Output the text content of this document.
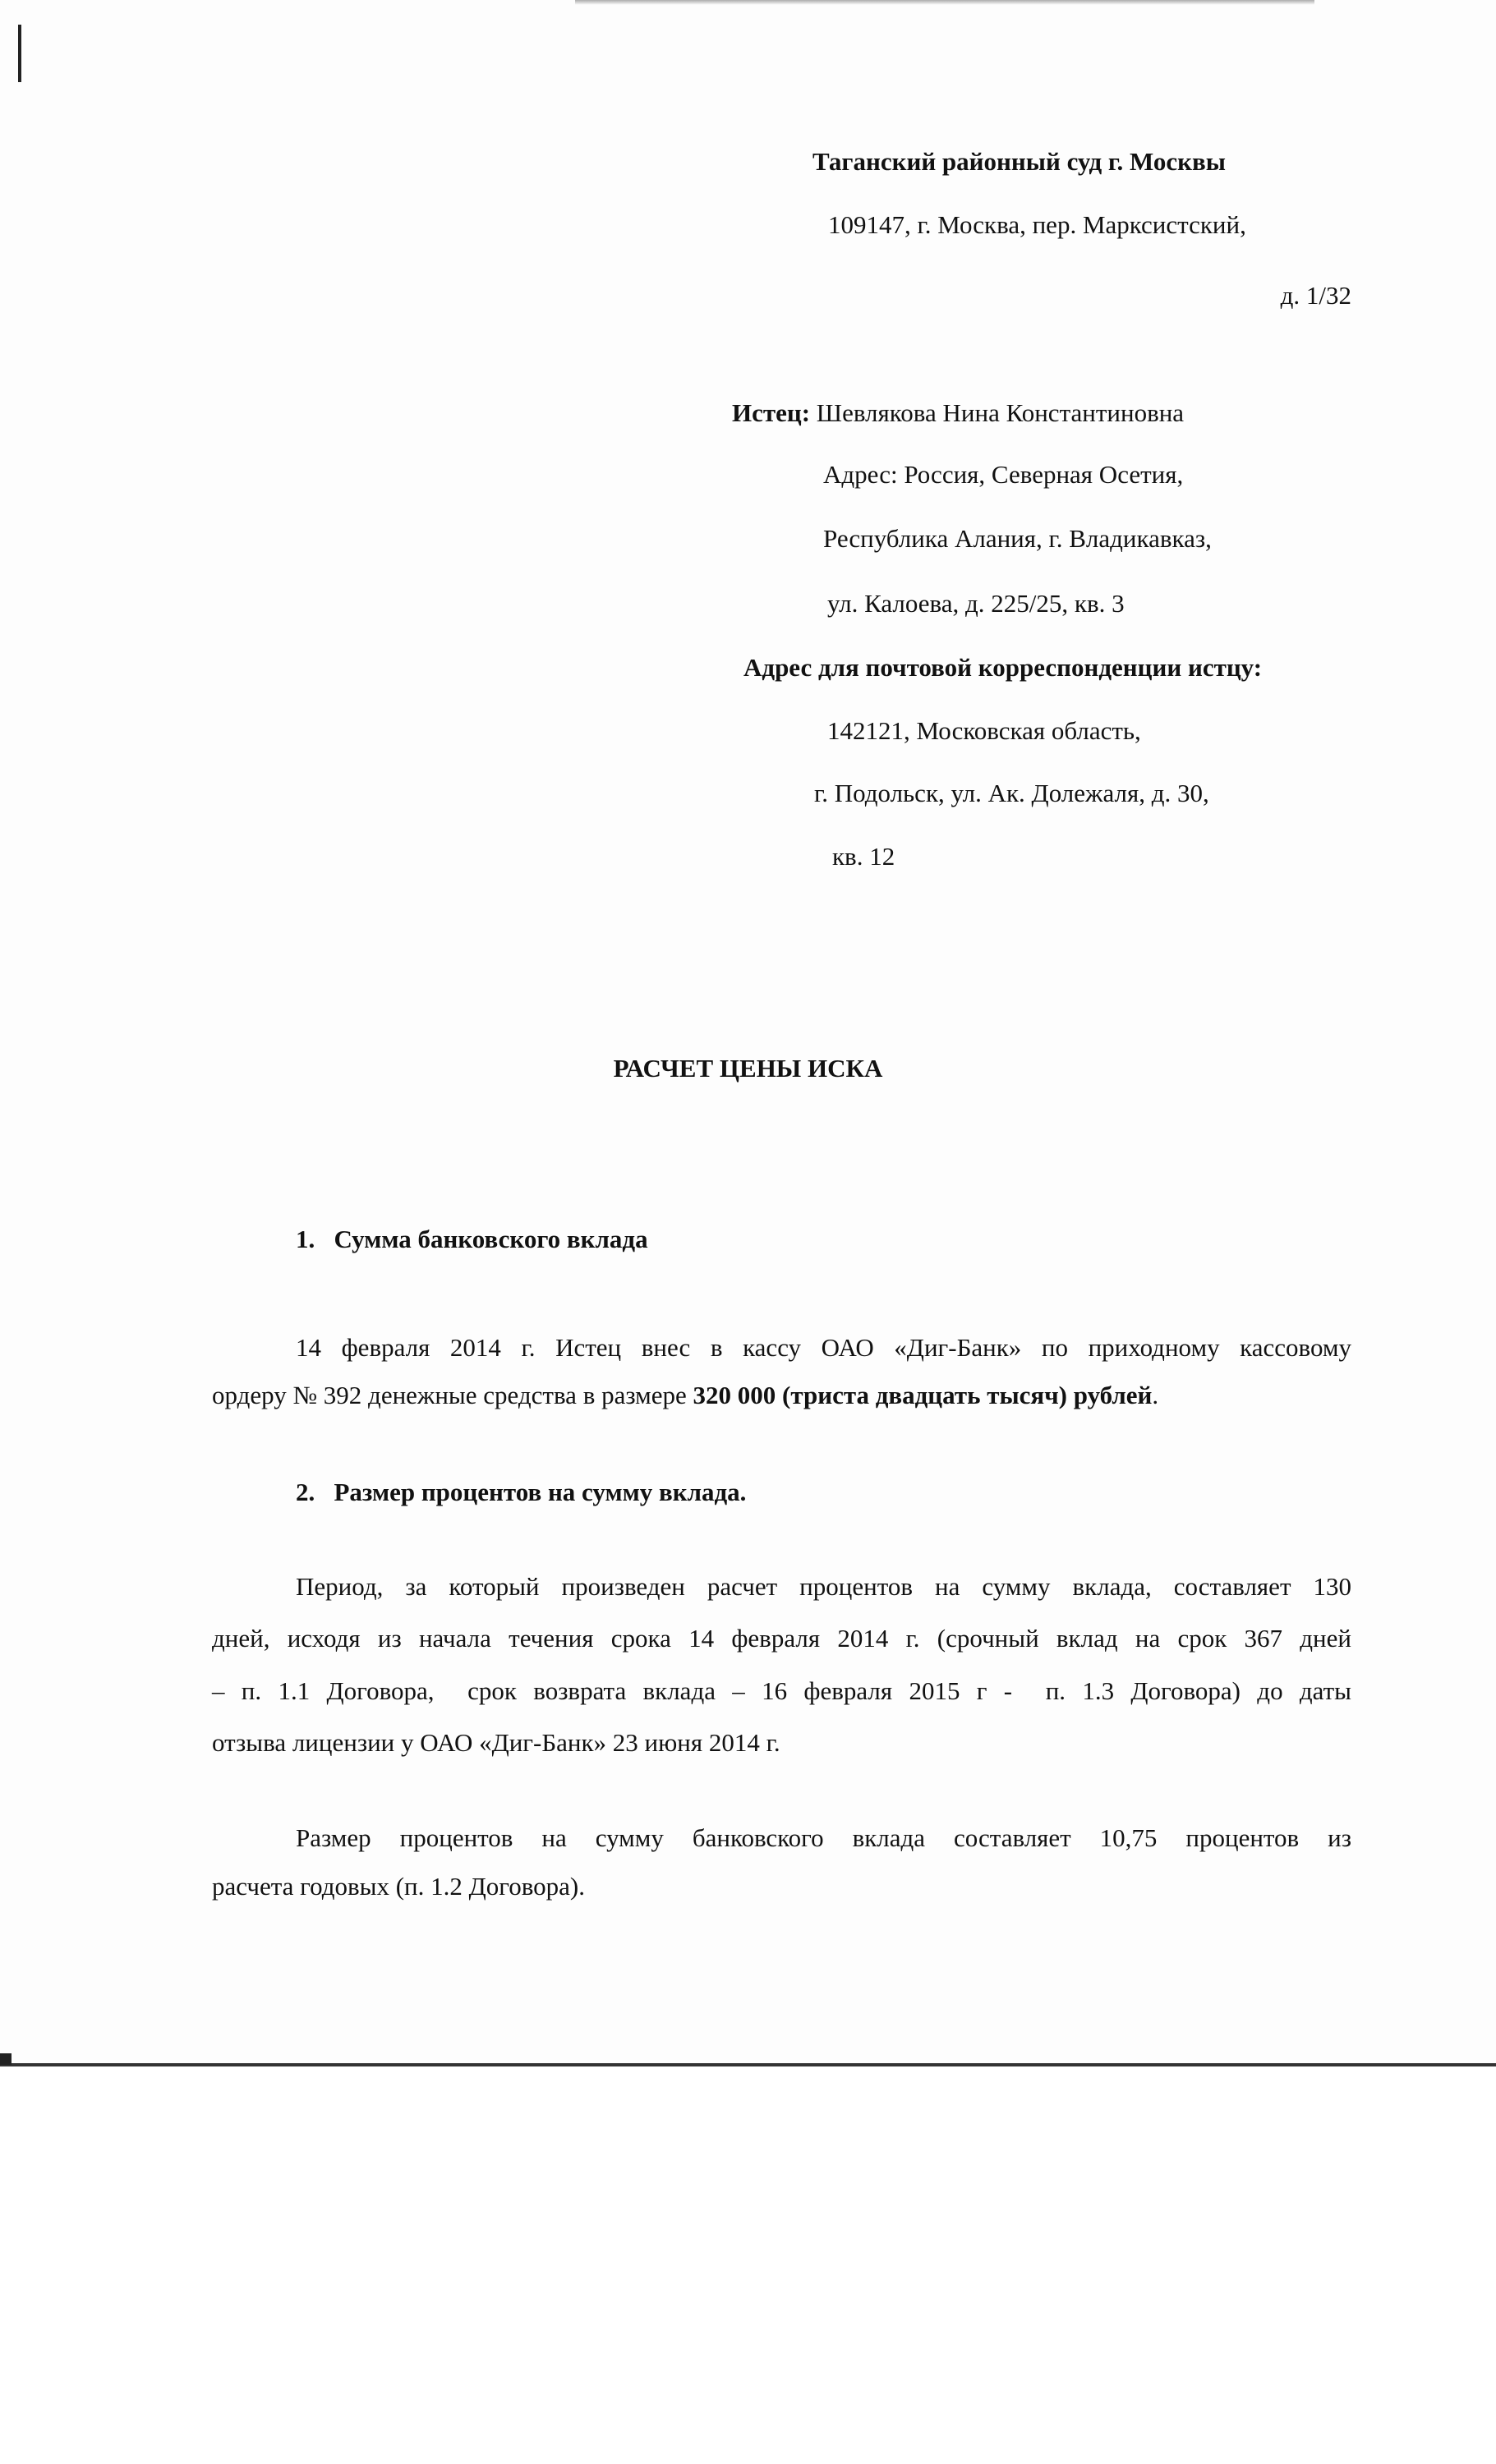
Таганский районный суд г. Москвы
109147, г. Москва, пер. Марксистский,
д. 1/32
Истец: Шевлякова Нина Константиновна
Адрес: Россия, Северная Осетия,
Республика Алания, г. Владикавказ,
ул. Калоева, д. 225/25, кв. 3
Адрес для почтовой корреспонденции истцу:
142121, Московская область,
г. Подольск, ул. Ак. Долежаля, д. 30,
кв. 12
РАСЧЕТ ЦЕНЫ ИСКА
1.   Сумма банковского вклада
14 февраля 2014 г. Истец внес в кассу ОАО «Диг-Банк» по приходному кассовому
ордеру № 392 денежные средства в размере 320 000 (триста двадцать тысяч) рублей.
2.   Размер процентов на сумму вклада.
Период, за который произведен расчет процентов на сумму вклада, составляет 130
дней, исходя из начала течения срока 14 февраля 2014 г. (срочный вклад на срок 367 дней
– п. 1.1 Договора,  срок возврата вклада – 16 февраля 2015 г -  п. 1.3 Договора) до даты
отзыва лицензии у ОАО «Диг-Банк» 23 июня 2014 г.
Размер процентов на сумму банковского вклада составляет 10,75 процентов из
расчета годовых (п. 1.2 Договора).
